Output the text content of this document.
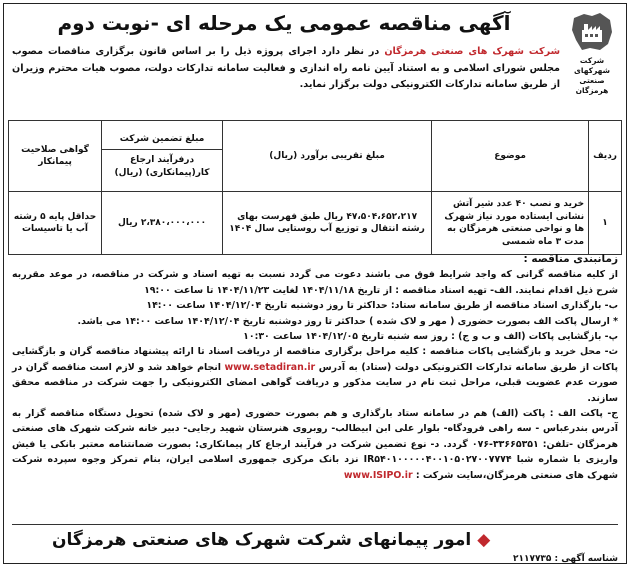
آگهی مناقصه عمومی یک مرحله ای -نوبت دوم
شرکت شهرکهای صنعتی هرمزگان
شرکت شهرک های صنعتی هرمزگان در نظر دارد اجرای پروژه ذیل را بر اساس قانون برگزاری مناقصات مصوب مجلس شورای اسلامی و به استناد آیین نامه راه اندازی و فعالیت سامانه تدارکات دولت، مصوب هیات محترم وزیران از طریق سامانه تدارکات الکترونیکی دولت برگزار نماید.
ردیف	موضوع	مبلغ تقریبی برآورد (ریال)	مبلغ تضمین شرکت
درفرآیند ارجاع کار(پیمانکاری) (ریال)	گواهی صلاحیت پیمانکار
۱	خرید و نصب ۴۰ عدد شیر آتش نشانی ایستاده مورد نیاز شهرک ها و نواحی صنعتی هرمزگان به مدت ۳ ماه شمسی	۴۷،۵۰۴،۶۵۲،۲۱۷ ریال طبق فهرست بهای رشته انتقال و توزیع آب روستایی سال ۱۴۰۴	۲،۳۸۰،۰۰۰،۰۰۰ ریال	حداقل پایه ۵ رشته آب یا تاسیسات

زمانبندی مناقصه :

از کلیه مناقصه گرانی که واجد شرایط فوق می باشند دعوت می گردد نسبت به تهیه اسناد و شرکت در مناقصه، در موعد مقرربه شرح ذیل اقدام نمایند. الف- تهیه اسناد مناقصه : از تاریخ ۱۴۰۴/۱۱/۱۸ لغایت ۱۴۰۴/۱۱/۲۳ تا ساعت ۱۹:۰۰

ب- بارگذاری اسناد مناقصه از طریق سامانه ستاد: حداکثر تا روز دوشنبه تاریخ ۱۴۰۴/۱۲/۰۴ ساعت ۱۴:۰۰

* ارسال پاکت الف بصورت حضوری ( مهر و لاک شده ) حداکثر تا روز دوشنبه تاریخ ۱۴۰۴/۱۲/۰۴ ساعت ۱۴:۰۰ می باشد.

پ- بازگشایی پاکات (الف و ب و ج) : روز سه شنبه تاریخ ۱۴۰۴/۱۲/۰۵ ساعت ۱۰:۳۰

ث- محل خرید و بازگشایی پاکات مناقصه : کلیه مراحل برگزاری مناقصه از دریافت اسناد تا ارائه پیشنهاد مناقصه گران و بازگشایی پاکات از طریق سامانه تدارکات الکترونیکی دولت (ستاد) به آدرس www.setadiran.ir انجام خواهد شد و لازم است مناقصه گران در صورت عدم عضویت قبلی، مراحل ثبت نام در سایت مذکور و دریافت گواهی امضای الکترونیکی را جهت شرکت در مناقصه محقق سازند.

ج- پاکت الف : پاکت (الف) هم در سامانه ستاد بارگذاری و هم بصورت حضوری (مهر و لاک شده) تحویل دستگاه مناقصه گزار به آدرس بندرعباس - سه راهی فرودگاه- بلوار علی ابن ابیطالب- روبروی هنرستان شهید رجایی- دبیر خانه شرکت شهرک های صنعتی هرمزگان -تلفن: ۳۳۶۶۵۳۵۱-۰۷۶ گردد. د- نوع تضمین شرکت در فرآیند ارجاع کار پیمانکاری: بصورت ضمانتنامه معتبر بانکی یا فیش واریزی با شماره شبا IR۵۴۰۱۰۰۰۰۰۴۰۰۱۰۵۰۲۷۰۰۷۷۷۴ نزد بانک مرکزی جمهوری اسلامی ایران، بنام تمرکز وجوه سپرده شرکت شهرک های صنعتی هرمزگان،سایت شرکت : www.ISIPO.ir

شناسه آگهی : ۲۱۱۷۷۳۵
◆امور پیمانهای شرکت شهرک های صنعتی هرمزگان
